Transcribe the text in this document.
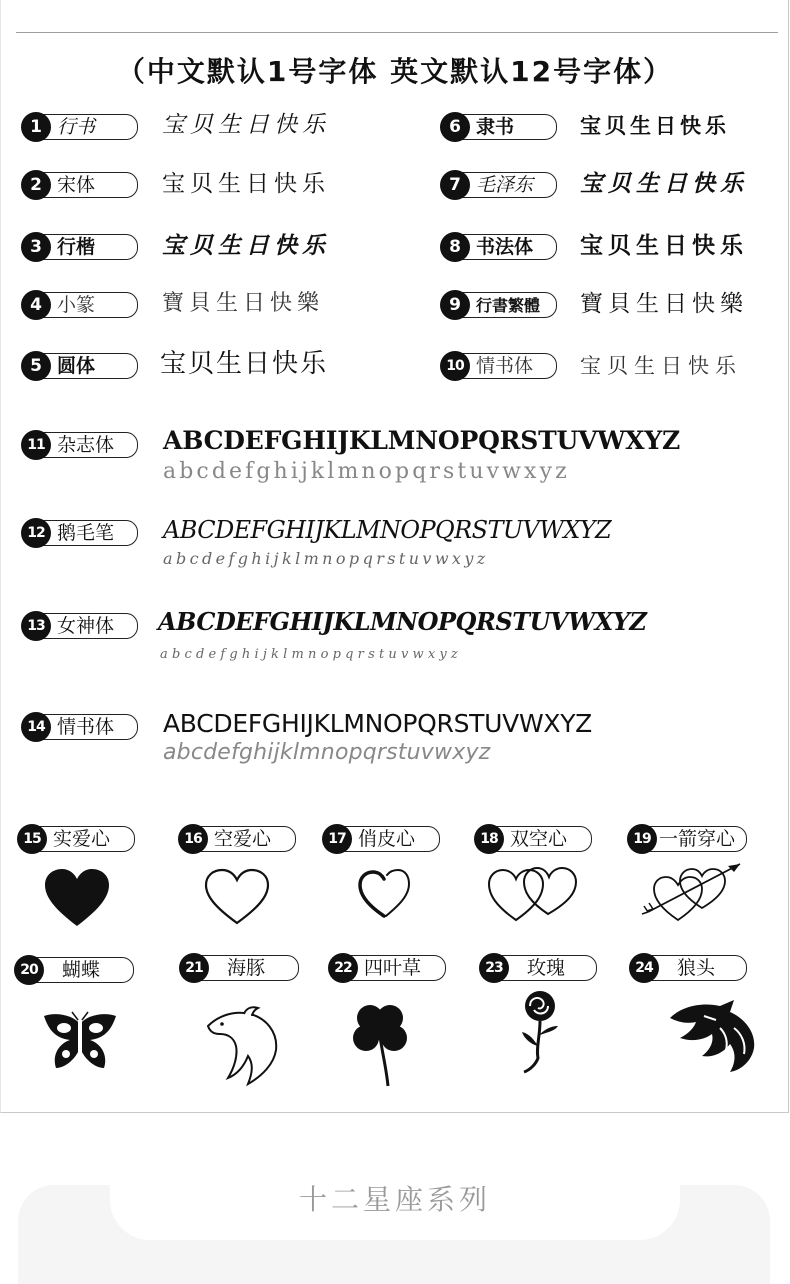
（中文默认1号字体 英文默认12号字体）
1 行书	宝贝生日快乐
2 宋体	宝贝生日快乐
3 行楷	宝贝生日快乐
4 小篆	寶貝生日快樂
5 圆体 宝贝生日快乐
6 隶书	宝贝生日快乐
7 毛泽东 宝贝生日快乐
8 书法体 宝贝生日快乐
9 行書繁體 寶貝生日快樂
10 情书体 宝贝生日快乐
11 杂志体 ABCDEFGHIJKLMNOPQRSTUVWXYZ
abcdefghijklmnopqrstuvwxyz
12 鹅毛笔 ABCDEFGHIJKLMNOPQRSTUVWXYZ
abcdefghijklmnopqrstuvwxyz
13 女神体 ABCDEFGHIJKLMNOPQRSTUVWXYZ
abcdefghijklmnopqrstuvwxyz
14 情书体 ABCDEFGHIJKLMNOPQRSTUVWXYZ
abcdefghijklmnopqrstuvwxyz
15 实爱心	16 空爱心	17 俏皮心	18 双空心	19 一箭穿心
20	蝴蝶	21	海豚	22 四叶草	23	玫瑰	24	狼头
十二星座系列
